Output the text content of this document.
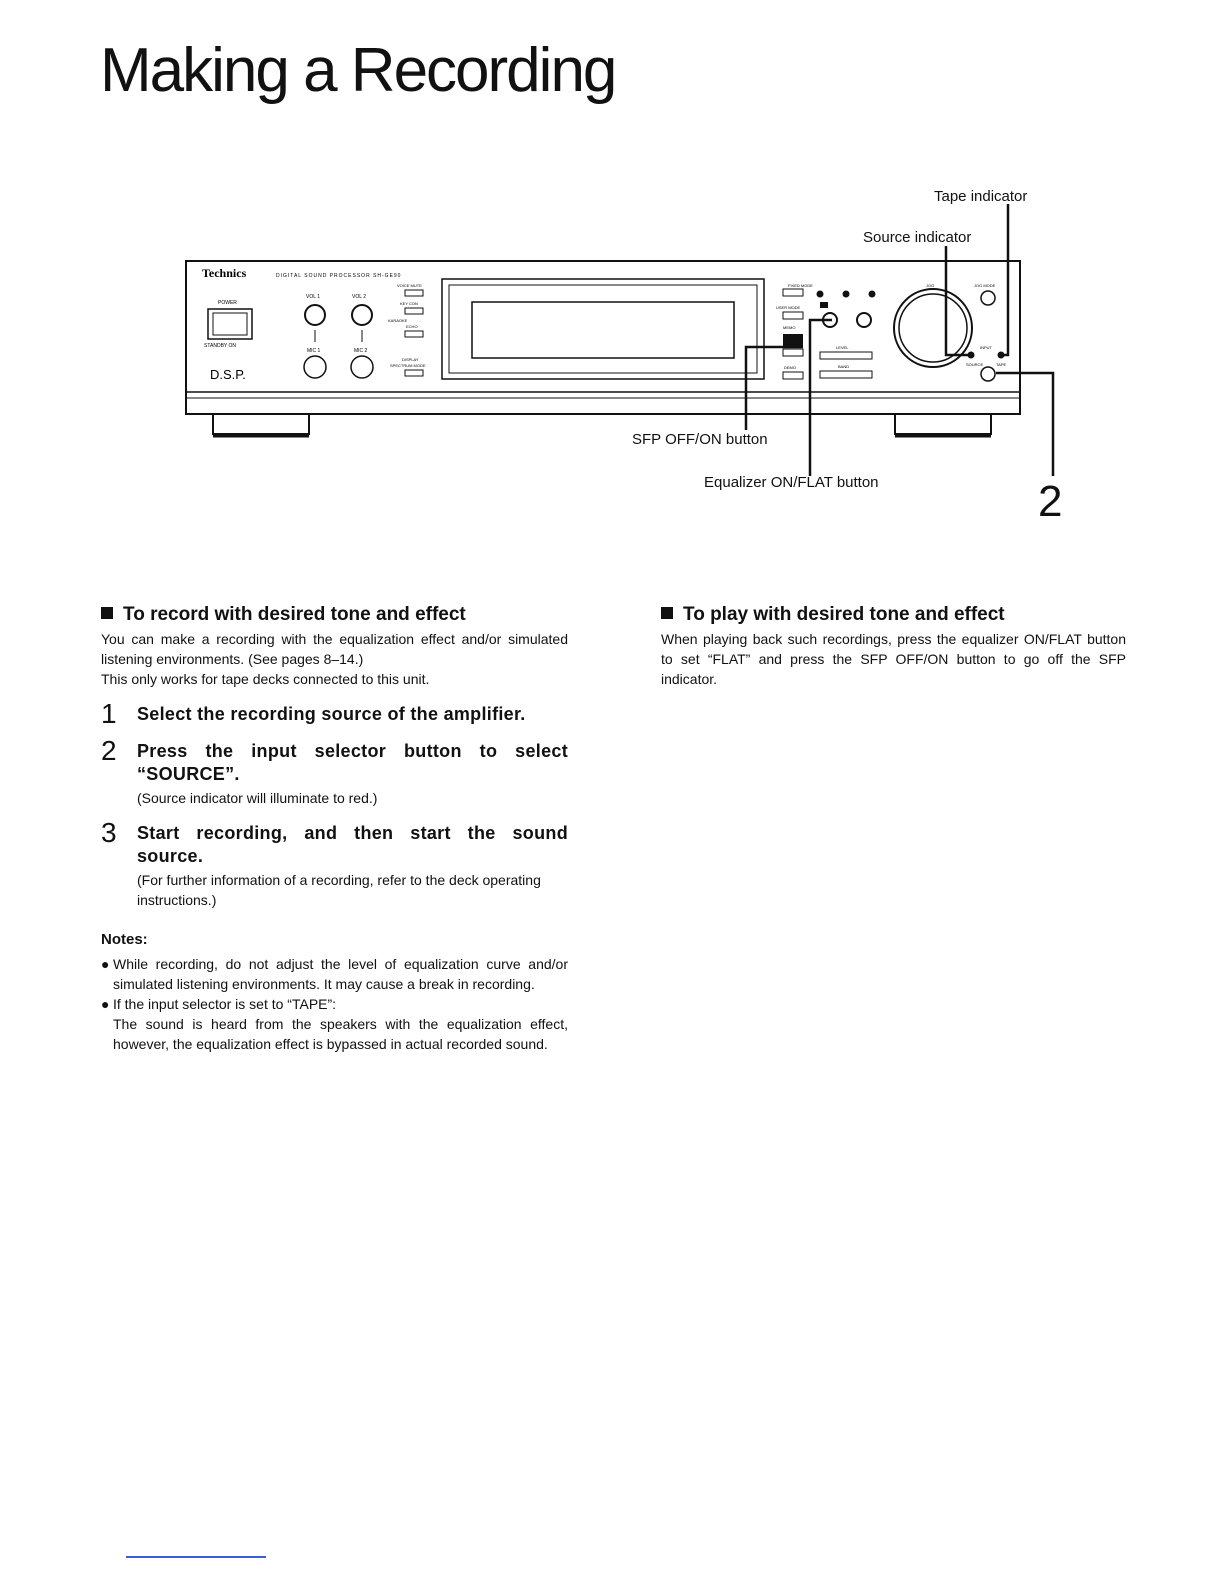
Making a Recording
Technics	DIGITAL SOUND PROCESSOR SH-GE90
POWER
STANDBY ON
D.S.P.
VOL 1	VOL 2
MIC 1	MIC 2
VOICE MUTE
KEY CON
KARAOKE
ECHO
DISPLAY
SPECTRUM MODE
FIXED MODE
USER MODE
MEMO
DEMO
LEVEL
BAND
JOG	JOG MODE
INPUT
SOURCE	TAPE
Tape indicator
Source indicator
SFP OFF/ON button
Equalizer ON/FLAT button	2
To record with desired tone and effect

You can make a recording with the equalization effect and/or simulated listening environments. (See pages 8–14.)

This only works for tape decks connected to this unit.

1 Select the recording source of the amplifier.
2 Press the input selector button to select “SOURCE”.
(Source indicator will illuminate to red.)
3 Start recording, and then start the sound source.
(For further information of a recording, refer to the deck operating instructions.)
Notes:
● While recording, do not adjust the level of equalization curve and/or simulated listening environments. It may cause a break in recording.
● If the input selector is set to “TAPE”:
The sound is heard from the speakers with the equalization effect, however, the equalization effect is bypassed in actual recorded sound.
To play with desired tone and effect

When playing back such recordings, press the equalizer ON/FLAT button to set “FLAT” and press the SFP OFF/ON button to go off the SFP indicator.
